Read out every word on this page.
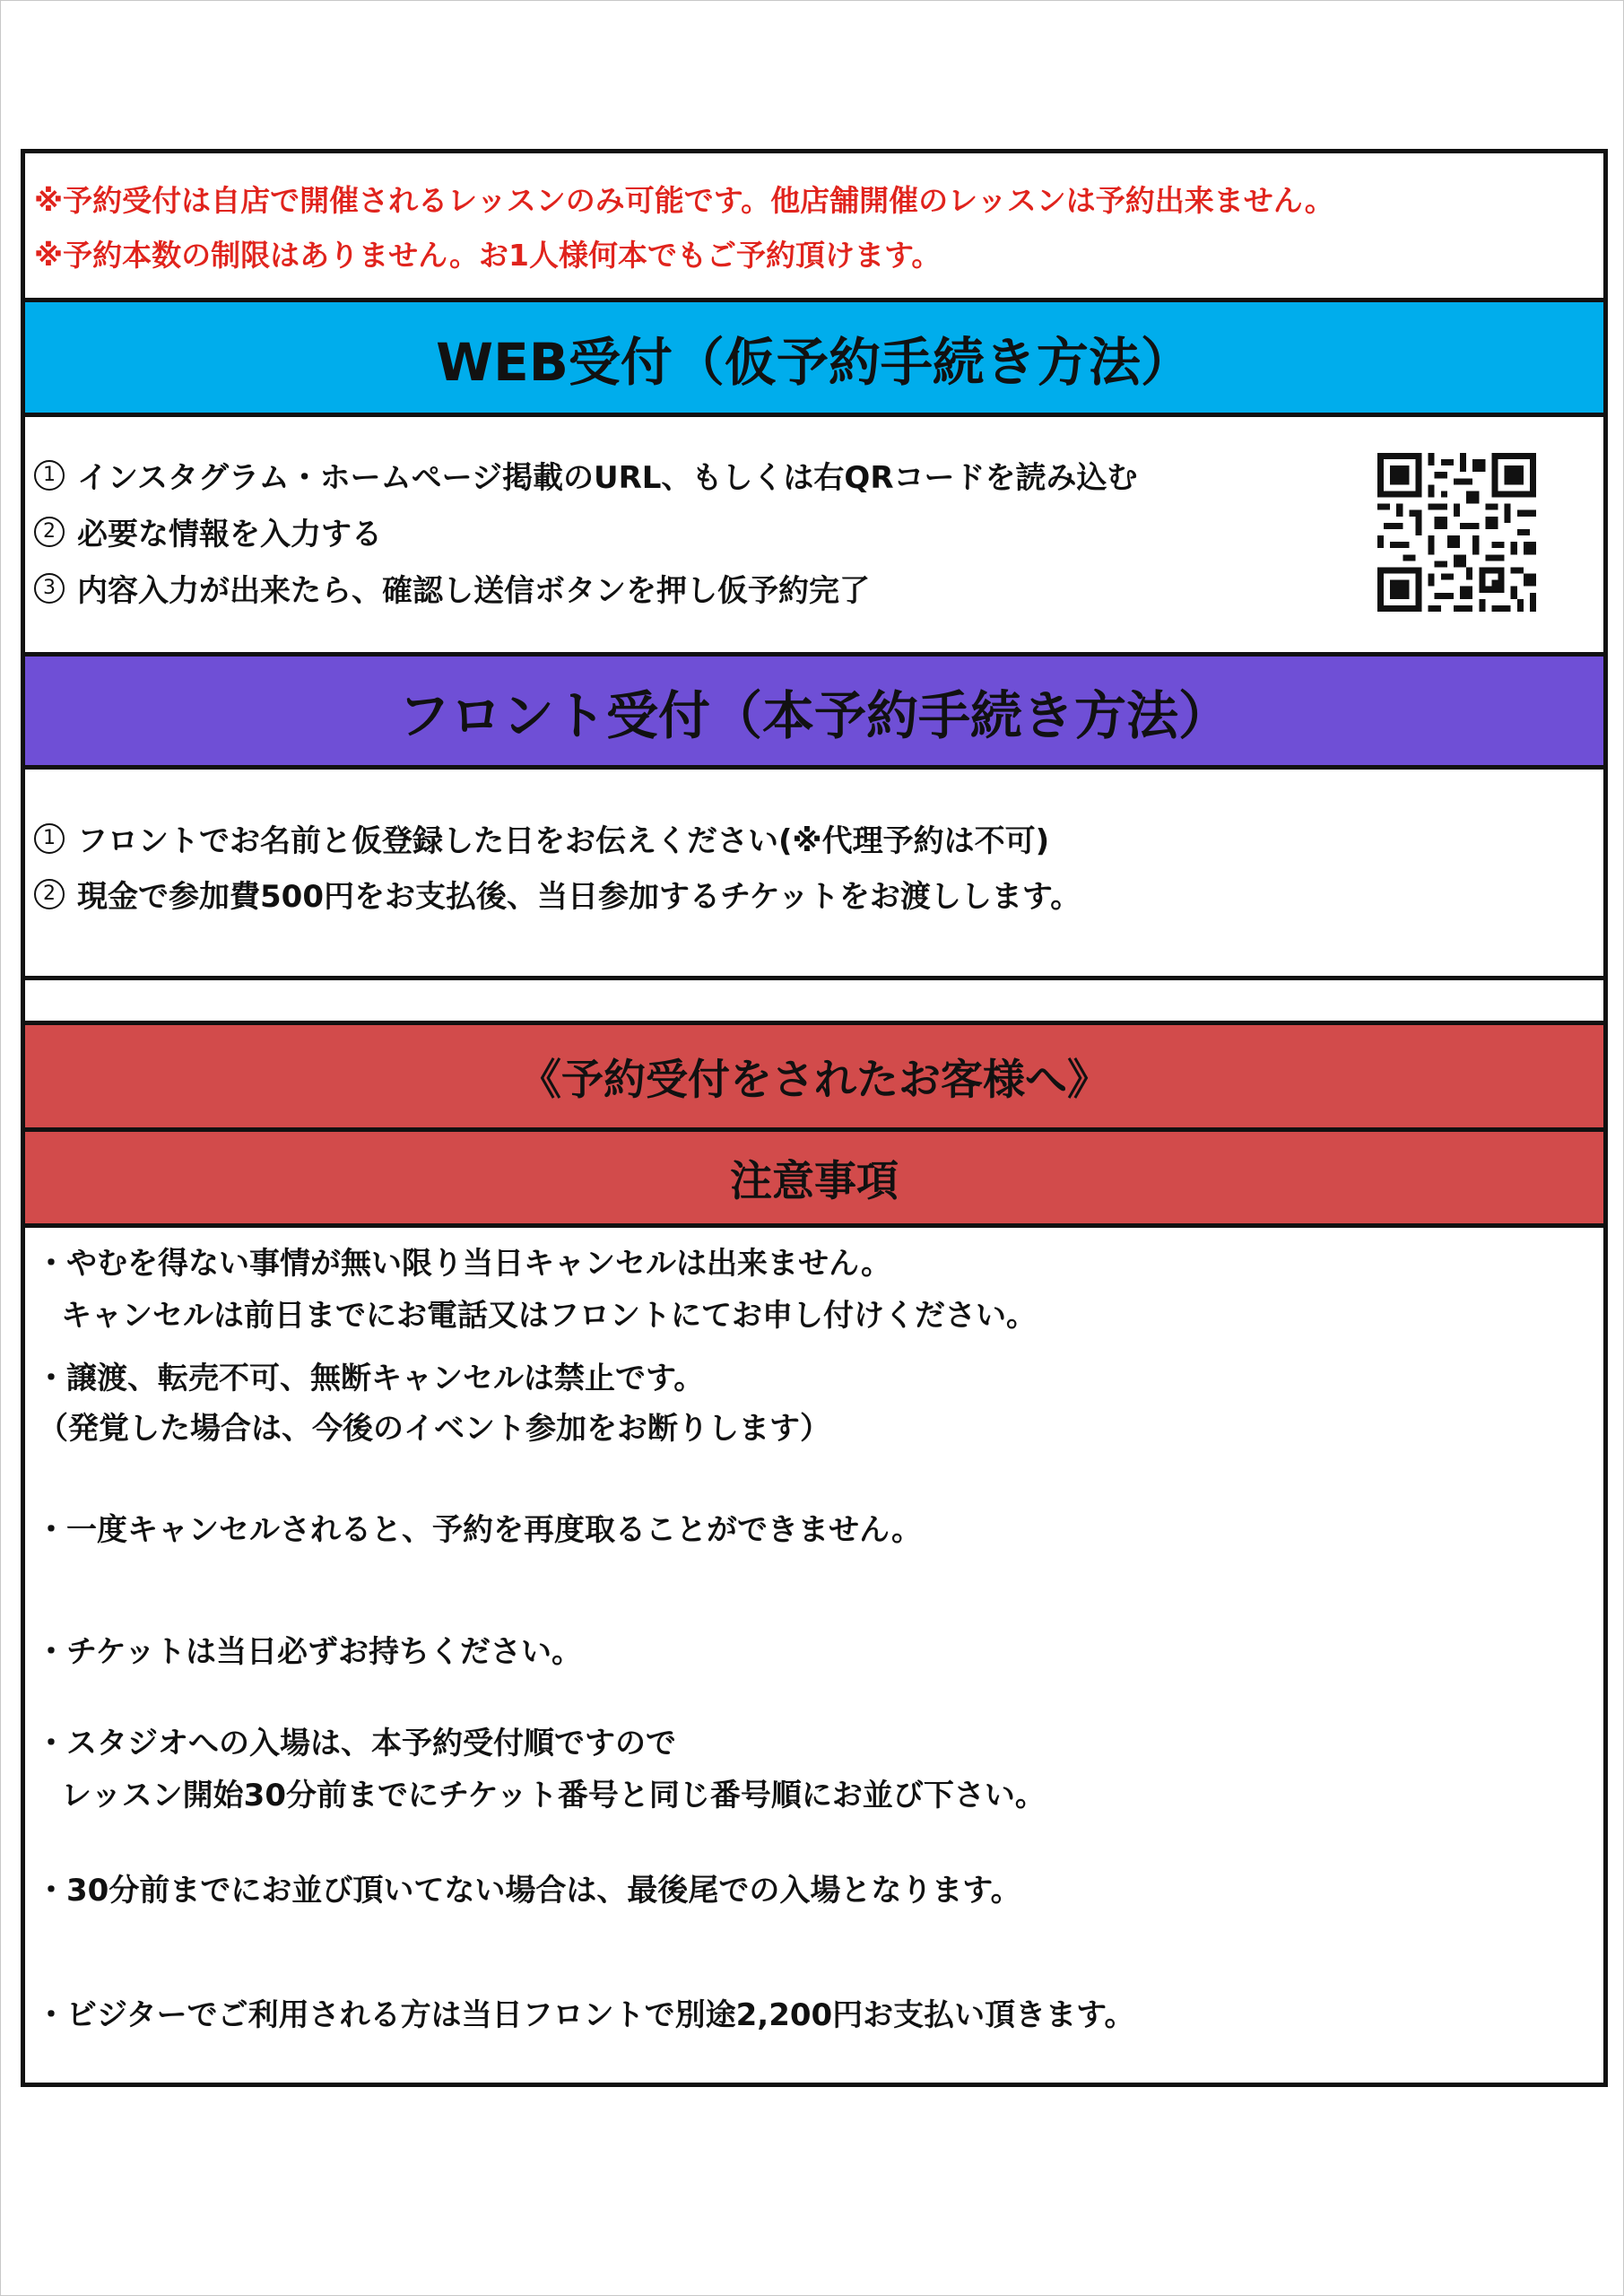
※予約受付は自店で開催されるレッスンのみ可能です。他店舗開催のレッスンは予約出来ません。
※予約本数の制限はありません。お1人様何本でもご予約頂けます。
WEB受付（仮予約手続き方法）
1 インスタグラム・ホームページ掲載のURL、もしくは右QRコードを読み込む
2 必要な情報を入力する
3 内容入力が出来たら、確認し送信ボタンを押し仮予約完了
フロント受付（本予約手続き方法）
1 フロントでお名前と仮登録した日をお伝えください(※代理予約は不可)
2 現金で参加費500円をお支払後、当日参加するチケットをお渡しします。
《予約受付をされたお客様へ》
注意事項
・やむを得ない事情が無い限り当日キャンセルは出来ません。
キャンセルは前日までにお電話又はフロントにてお申し付けください。
・譲渡、転売不可、無断キャンセルは禁止です。
（発覚した場合は、今後のイベント参加をお断りします）
・一度キャンセルされると、予約を再度取ることができません。
・チケットは当日必ずお持ちください。
・スタジオへの入場は、本予約受付順ですので
レッスン開始30分前までにチケット番号と同じ番号順にお並び下さい。
・30分前までにお並び頂いてない場合は、最後尾での入場となります。
・ビジターでご利用される方は当日フロントで別途2,200円お支払い頂きます。
